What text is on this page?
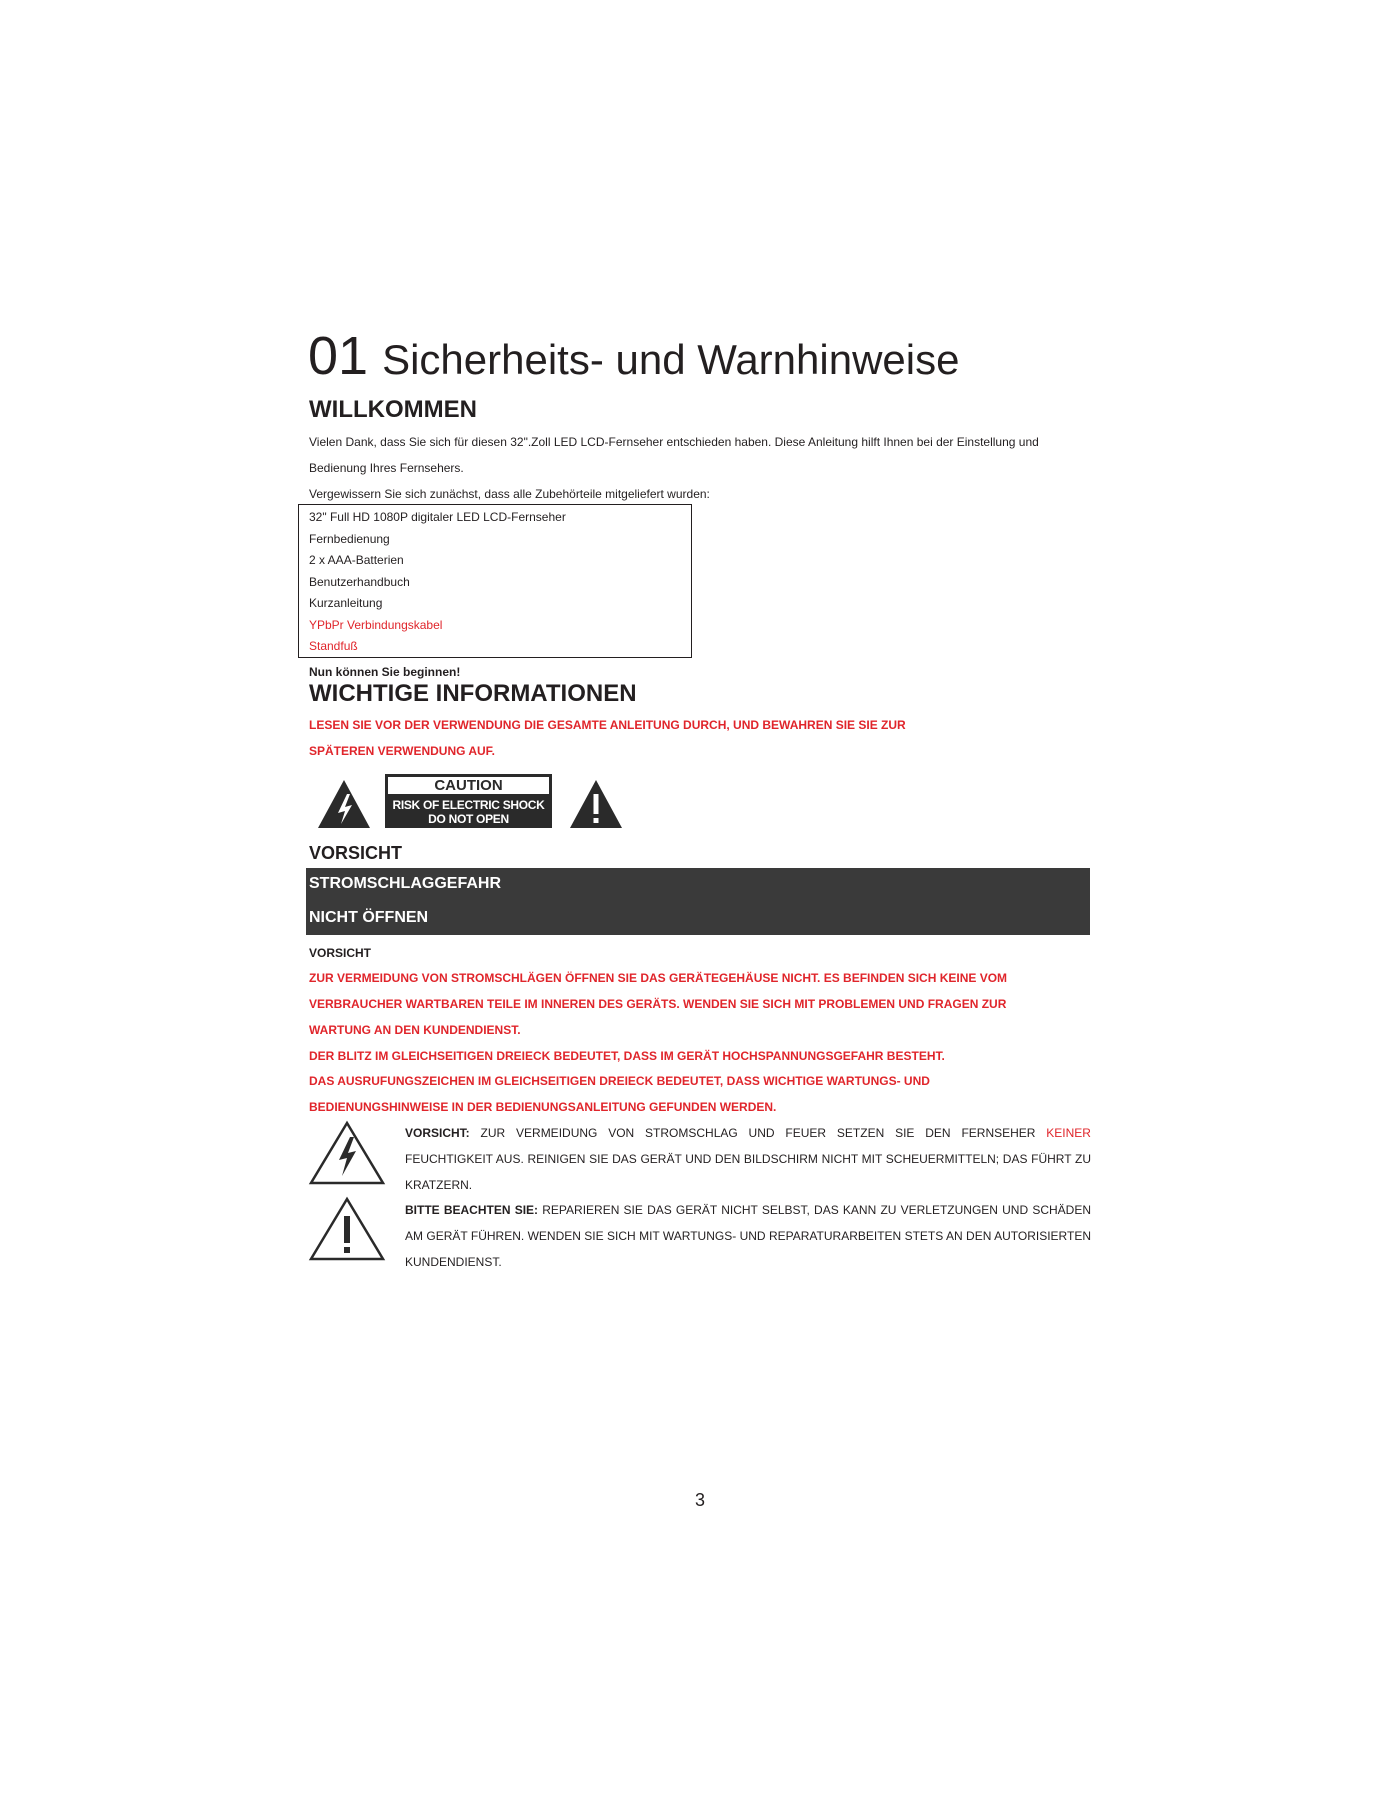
01 Sicherheits- und Warnhinweise
WILLKOMMEN
Vielen Dank, dass Sie sich für diesen 32".Zoll LED LCD-Fernseher entschieden haben. Diese Anleitung hilft Ihnen bei der Einstellung und
Bedienung Ihres Fernsehers.
Vergewissern Sie sich zunächst, dass alle Zubehörteile mitgeliefert wurden:
32" Full HD 1080P digitaler LED LCD-Fernseher
Fernbedienung
2 x AAA-Batterien
Benutzerhandbuch
Kurzanleitung
YPbPr Verbindungskabel
Standfuß
Nun können Sie beginnen!
WICHTIGE INFORMATIONEN
LESEN SIE VOR DER VERWENDUNG DIE GESAMTE ANLEITUNG DURCH, UND BEWAHREN SIE SIE ZUR
SPÄTEREN VERWENDUNG AUF.
CAUTION
RISK OF ELECTRIC SHOCK
DO NOT OPEN
VORSICHT
STROMSCHLAGGEFAHR
NICHT ÖFFNEN
VORSICHT
ZUR VERMEIDUNG VON STROMSCHLÄGEN ÖFFNEN SIE DAS GERÄTEGEHÄUSE NICHT. ES BEFINDEN SICH KEINE VOM
VERBRAUCHER WARTBAREN TEILE IM INNEREN DES GERÄTS. WENDEN SIE SICH MIT PROBLEMEN UND FRAGEN ZUR
WARTUNG AN DEN KUNDENDIENST.
DER BLITZ IM GLEICHSEITIGEN DREIECK BEDEUTET, DASS IM GERÄT HOCHSPANNUNGSGEFAHR BESTEHT.
DAS AUSRUFUNGSZEICHEN IM GLEICHSEITIGEN DREIECK BEDEUTET, DASS WICHTIGE WARTUNGS- UND
BEDIENUNGSHINWEISE IN DER BEDIENUNGSANLEITUNG GEFUNDEN WERDEN.
VORSICHT: ZUR VERMEIDUNG VON STROMSCHLAG UND FEUER SETZEN SIE DEN FERNSEHER KEINER FEUCHTIGKEIT AUS. REINIGEN SIE DAS GERÄT UND DEN BILDSCHIRM NICHT MIT SCHEUERMITTELN; DAS FÜHRT ZU KRATZERN.
BITTE BEACHTEN SIE: REPARIEREN SIE DAS GERÄT NICHT SELBST, DAS KANN ZU VERLETZUNGEN UND SCHÄDEN AM GERÄT FÜHREN. WENDEN SIE SICH MIT WARTUNGS- UND REPARATURARBEITEN STETS AN DEN AUTORISIERTEN KUNDENDIENST.
3
